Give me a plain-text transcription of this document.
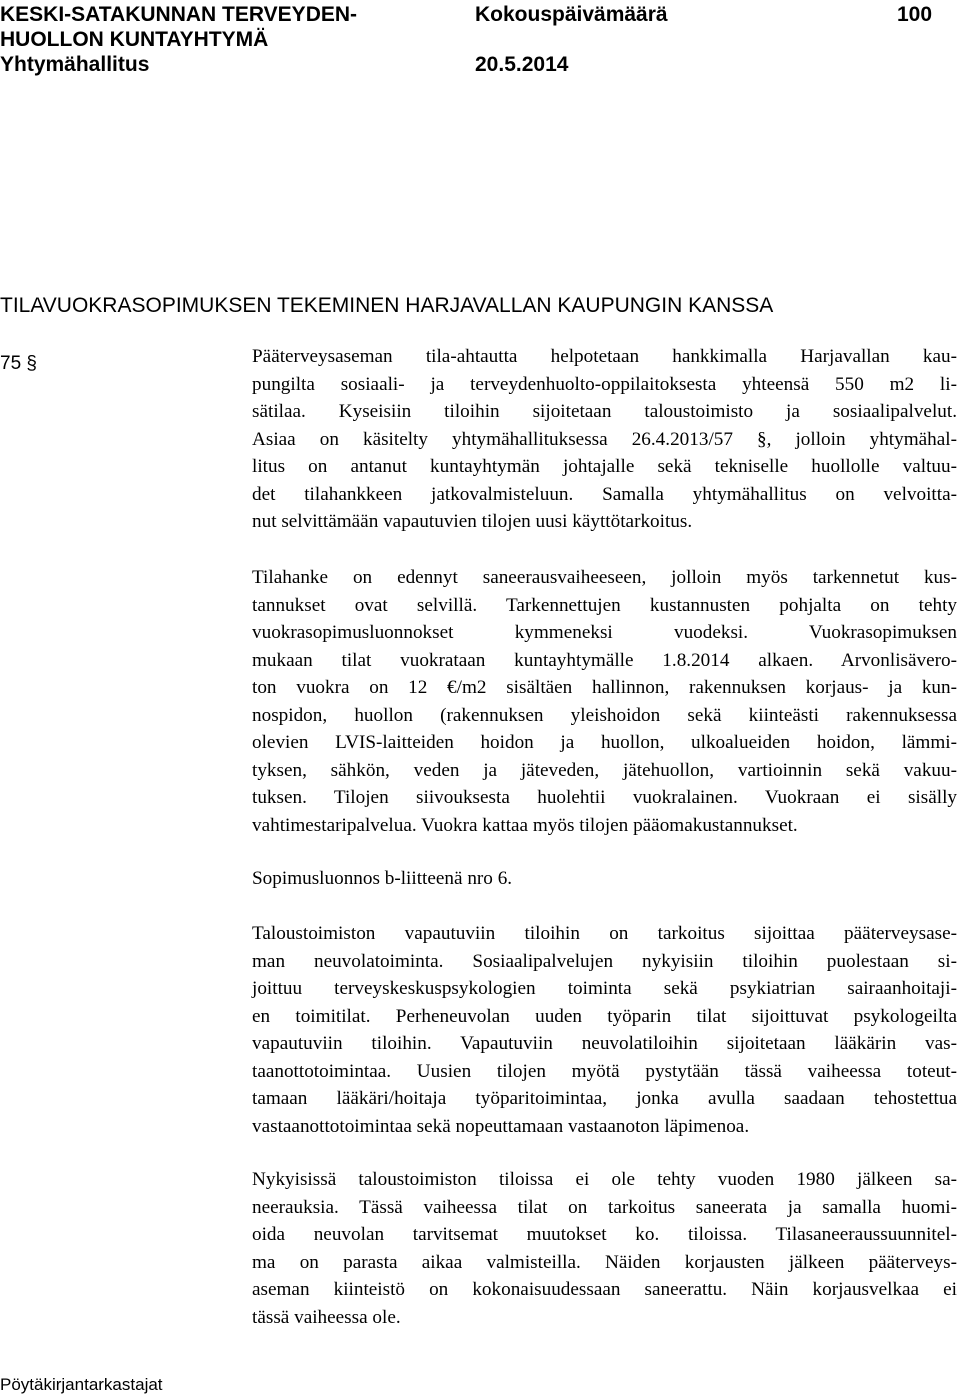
KESKI-SATAKUNNAN TERVEYDEN-
HUOLLON KUNTAYHTYMÄ
Yhtymähallitus
Kokouspäivämäärä
20.5.2014
100
TILAVUOKRASOPIMUKSEN TEKEMINEN HARJAVALLAN KAUPUNGIN KANSSA
75 §	Pääterveysaseman tila-ahtautta helpotetaan hankkimalla Harjavallan kau-
pungilta sosiaali- ja terveydenhuolto-oppilaitoksesta yhteensä 550 m2 li-
sätilaa. Kyseisiin tiloihin sijoitetaan taloustoimisto ja sosiaalipalvelut.
Asiaa on käsitelty yhtymähallituksessa 26.4.2013/57 §, jolloin yhtymähal-
litus on antanut kuntayhtymän johtajalle sekä tekniselle huollolle valtuu-
det tilahankkeen jatkovalmisteluun. Samalla yhtymähallitus on velvoitta-
nut selvittämään vapautuvien tilojen uusi käyttötarkoitus.
Tilahanke on edennyt saneerausvaiheeseen, jolloin myös tarkennetut kus-
tannukset ovat selvillä. Tarkennettujen kustannusten pohjalta on tehty
vuokrasopimusluonnokset kymmeneksi vuodeksi. Vuokrasopimuksen
mukaan tilat vuokrataan kuntayhtymälle 1.8.2014 alkaen. Arvonlisävero-
ton vuokra on 12 €/m2 sisältäen hallinnon, rakennuksen korjaus- ja kun-
nospidon, huollon (rakennuksen yleishoidon sekä kiinteästi rakennuksessa
olevien LVIS-laitteiden hoidon ja huollon, ulkoalueiden hoidon, lämmi-
tyksen, sähkön, veden ja jäteveden, jätehuollon, vartioinnin sekä vakuu-
tuksen. Tilojen siivouksesta huolehtii vuokralainen. Vuokraan ei sisälly
vahtimestaripalvelua. Vuokra kattaa myös tilojen pääomakustannukset.
Sopimusluonnos b-liitteenä nro 6.
Taloustoimiston vapautuviin tiloihin on tarkoitus sijoittaa pääterveysase-
man neuvolatoiminta. Sosiaalipalvelujen nykyisiin tiloihin puolestaan si-
joittuu terveyskeskuspsykologien toiminta sekä psykiatrian sairaanhoitaji-
en toimitilat. Perheneuvolan uuden työparin tilat sijoittuvat psykologeilta
vapautuviin tiloihin. Vapautuviin neuvolatiloihin sijoitetaan lääkärin vas-
taanottotoimintaa. Uusien tilojen myötä pystytään tässä vaiheessa toteut-
tamaan lääkäri/hoitaja työparitoimintaa, jonka avulla saadaan tehostettua
vastaanottotoimintaa sekä nopeuttamaan vastaanoton läpimenoa.
Nykyisissä taloustoimiston tiloissa ei ole tehty vuoden 1980 jälkeen sa-
neerauksia. Tässä vaiheessa tilat on tarkoitus saneerata ja samalla huomi-
oida neuvolan tarvitsemat muutokset ko. tiloissa. Tilasaneeraussuunnitel-
ma on parasta aikaa valmisteilla. Näiden korjausten jälkeen pääterveys-
aseman kiinteistö on kokonaisuudessaan saneerattu. Näin korjausvelkaa ei
tässä vaiheessa ole.
Pöytäkirjantarkastajat
